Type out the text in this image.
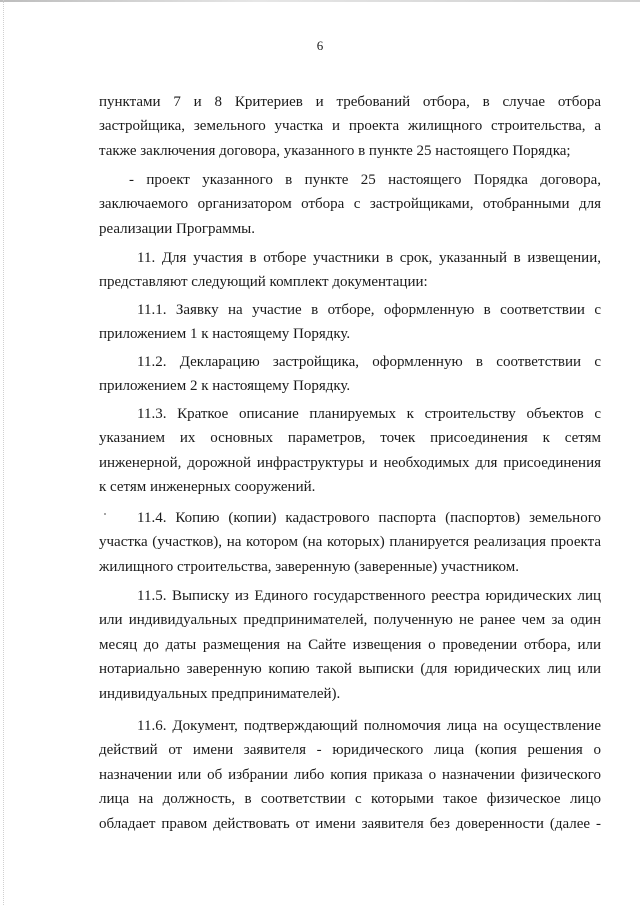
6
пунктами 7 и 8 Критериев и требований отбора, в случае отбора
застройщика, земельного участка и проекта жилищного строительства, а
также заключения договора, указанного в пункте 25 настоящего Порядка;
- проект указанного в пункте 25 настоящего Порядка договора,
заключаемого организатором отбора с застройщиками, отобранными для
реализации Программы.
11. Для участия в отборе участники в срок, указанный в извещении,
представляют следующий комплект документации:
11.1. Заявку на участие в отборе, оформленную в соответствии с
приложением 1 к настоящему Порядку.
11.2. Декларацию застройщика, оформленную в соответствии с
приложением 2 к настоящему Порядку.
11.3. Краткое описание планируемых к строительству объектов с
указанием их основных параметров, точек присоединения к сетям
инженерной, дорожной инфраструктуры и необходимых для присоединения
к сетям инженерных сооружений.
11.4. Копию (копии) кадастрового паспорта (паспортов) земельного
участка (участков), на котором (на которых) планируется реализация проекта
жилищного строительства, заверенную (заверенные) участником.
11.5. Выписку из Единого государственного реестра юридических лиц
или индивидуальных предпринимателей, полученную не ранее чем за один
месяц до даты размещения на Сайте извещения о проведении отбора, или
нотариально заверенную копию такой выписки (для юридических лиц или
индивидуальных предпринимателей).
11.6. Документ, подтверждающий полномочия лица на осуществление
действий от имени заявителя - юридического лица (копия решения о
назначении или об избрании либо копия приказа о назначении физического
лица на должность, в соответствии с которыми такое физическое лицо
обладает правом действовать от имени заявителя без доверенности (далее -
